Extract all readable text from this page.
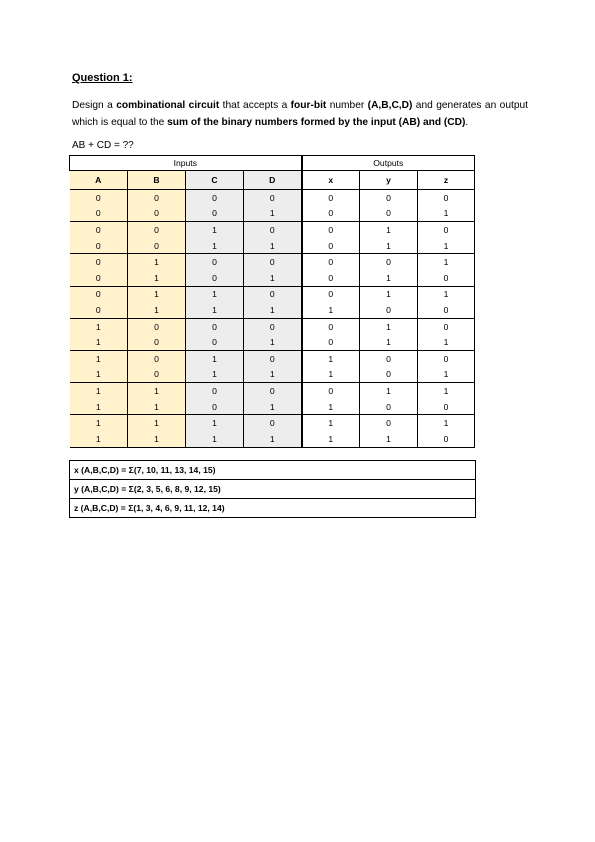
Question 1:
Design a combinational circuit that accepts a four-bit number (A,B,C,D) and generates an output which is equal to the sum of the binary numbers formed by the input (AB) and (CD).
AB + CD = ??
Inputs				Outputs		
A	B	C	D	x	y	z
0	0	0	0	0	0	0
0	0	0	1	0	0	1
0	0	1	0	0	1	0
0	0	1	1	0	1	1
0	1	0	0	0	0	1
0	1	0	1	0	1	0
0	1	1	0	0	1	1
0	1	1	1	1	0	0
1	0	0	0	0	1	0
1	0	0	1	0	1	1
1	0	1	0	1	0	0
1	0	1	1	1	0	1
1	1	0	0	0	1	1
1	1	0	1	1	0	0
1	1	1	0	1	0	1
1	1	1	1	1	1	0
x (A,B,C,D) = Σ(7, 10, 11, 13, 14, 15)
y (A,B,C,D) = Σ(2, 3, 5, 6, 8, 9, 12, 15)
z (A,B,C,D) = Σ(1, 3, 4, 6, 9, 11, 12, 14)
